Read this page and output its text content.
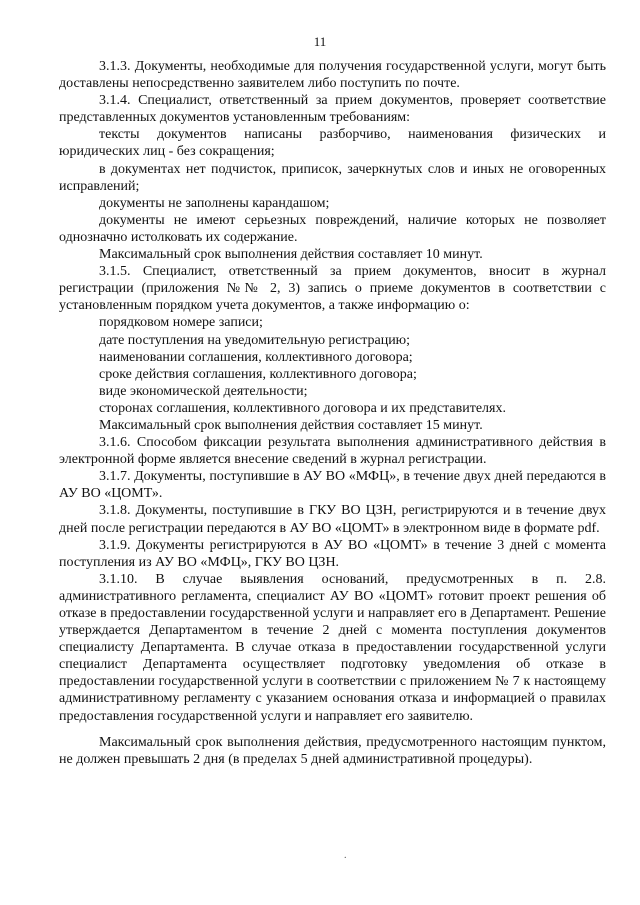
11

3.1.3. Документы, необходимые для получения государственной услуги, могут быть доставлены непосредственно заявителем либо поступить по почте.

3.1.4. Специалист, ответственный за прием документов, проверяет соответствие представленных документов установленным требованиям:

тексты документов написаны разборчиво, наименования физических и юридических лиц - без сокращения;

в документах нет подчисток, приписок, зачеркнутых слов и иных не оговоренных исправлений;

документы не заполнены карандашом;

документы не имеют серьезных повреждений, наличие которых не позволяет однозначно истолковать их содержание.

Максимальный срок выполнения действия составляет 10 минут.

3.1.5. Специалист, ответственный за прием документов, вносит в журнал регистрации (приложения №№ 2, 3) запись о приеме документов в соответствии с установленным порядком учета документов, а также информацию о:

порядковом номере записи;

дате поступления на уведомительную регистрацию;

наименовании соглашения, коллективного договора;

сроке действия соглашения, коллективного договора;

виде экономической деятельности;

сторонах соглашения, коллективного договора и их представителях.

Максимальный срок выполнения действия составляет 15 минут.

3.1.6. Способом фиксации результата выполнения административного действия в электронной форме является внесение сведений в журнал регистрации.

3.1.7. Документы, поступившие в АУ ВО «МФЦ», в течение двух дней передаются в АУ ВО «ЦОМТ».

3.1.8. Документы, поступившие в ГКУ ВО ЦЗН, регистрируются и в течение двух дней после регистрации передаются в АУ ВО «ЦОМТ» в электронном виде в формате pdf.

3.1.9. Документы регистрируются в АУ ВО «ЦОМТ» в течение 3 дней с момента поступления из АУ ВО «МФЦ», ГКУ ВО ЦЗН.

3.1.10. В случае выявления оснований, предусмотренных в п. 2.8. административного регламента, специалист АУ ВО «ЦОМТ» готовит проект решения об отказе в предоставлении государственной услуги и направляет его в Департамент. Решение утверждается Департаментом в течение 2 дней с момента поступления документов специалисту Департамента. В случае отказа в предоставлении государственной услуги специалист Департамента осуществляет подготовку уведомления об отказе в предоставлении государственной услуги в соответствии с приложением № 7 к настоящему административному регламенту с указанием основания отказа и информацией о правилах предоставления государственной услуги и направляет его заявителю.

Максимальный срок выполнения действия, предусмотренного настоящим пунктом, не должен превышать 2 дня (в пределах 5 дней административной процедуры).

.
